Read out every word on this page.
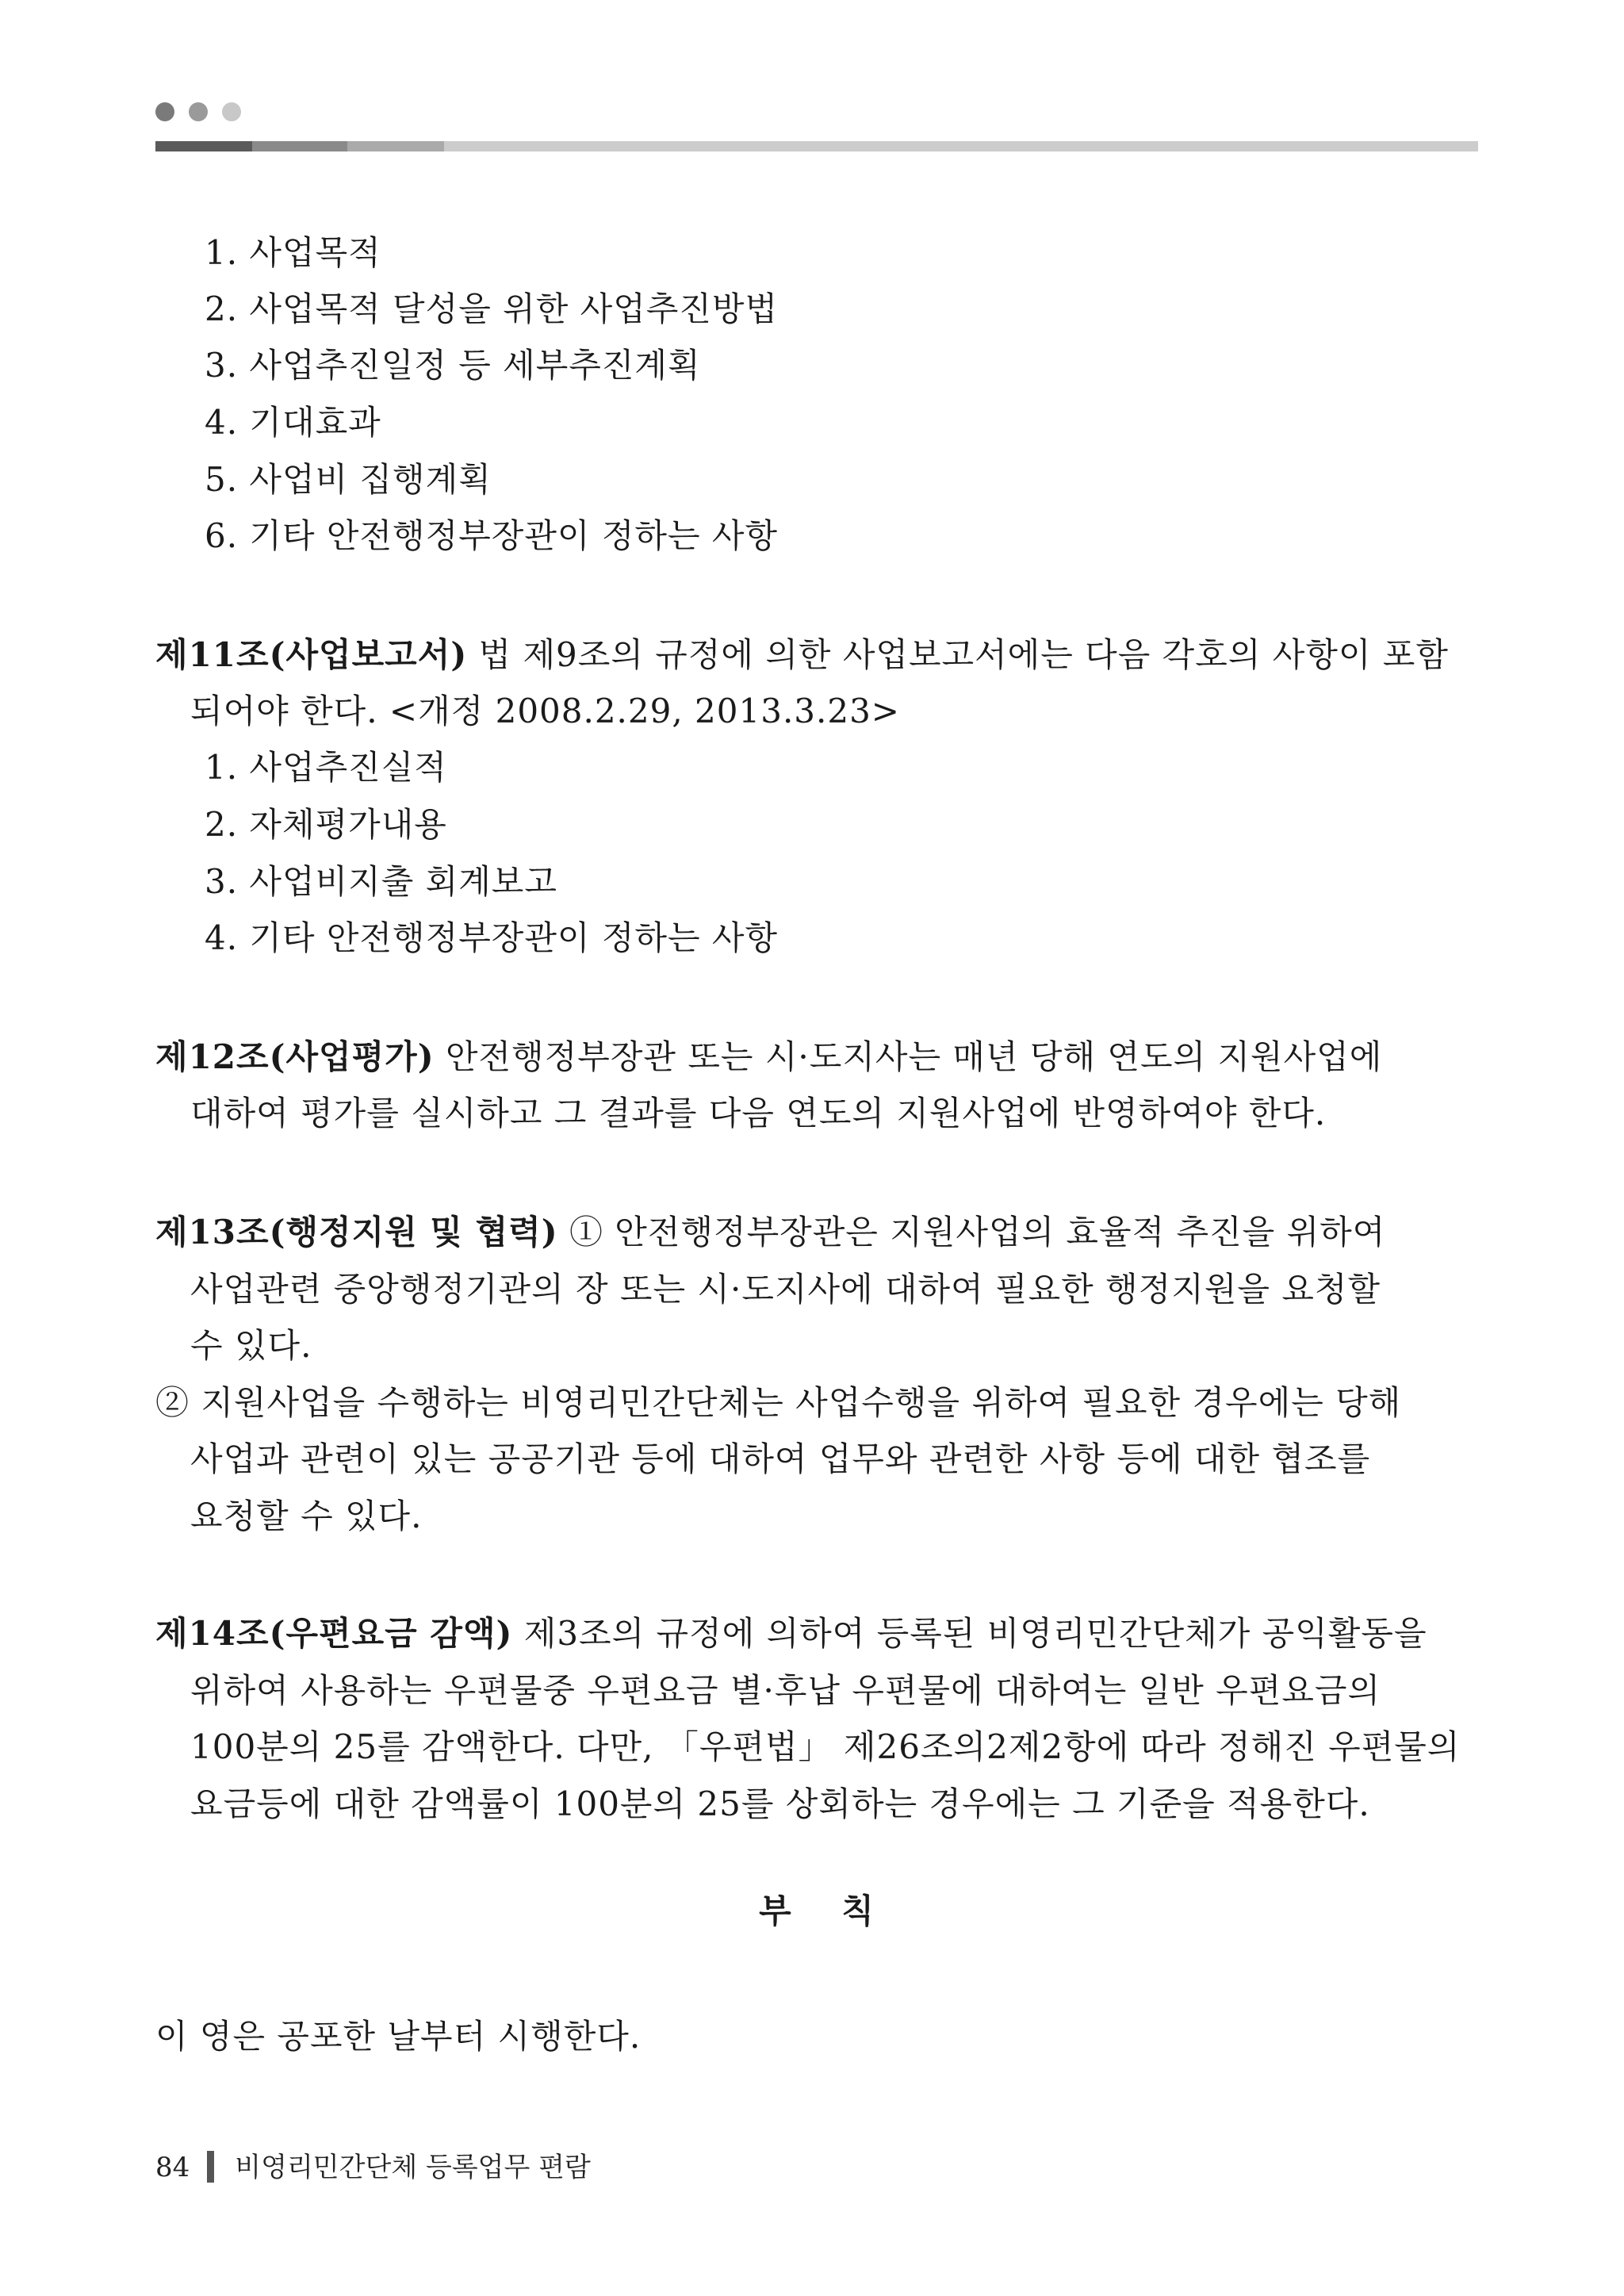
1. 사업목적
2. 사업목적 달성을 위한 사업추진방법
3. 사업추진일정 등 세부추진계획
4. 기대효과
5. 사업비 집행계획
6. 기타 안전행정부장관이 정하는 사항
제11조(사업보고서) 법 제9조의 규정에 의한 사업보고서에는 다음 각호의 사항이 포함
되어야 한다. <개정 2008.2.29, 2013.3.23>
1. 사업추진실적
2. 자체평가내용
3. 사업비지출 회계보고
4. 기타 안전행정부장관이 정하는 사항
제12조(사업평가) 안전행정부장관 또는 시·도지사는 매년 당해 연도의 지원사업에
대하여 평가를 실시하고 그 결과를 다음 연도의 지원사업에 반영하여야 한다.
제13조(행정지원 및 협력) ① 안전행정부장관은 지원사업의 효율적 추진을 위하여
사업관련 중앙행정기관의 장 또는 시·도지사에 대하여 필요한 행정지원을 요청할
수 있다.
② 지원사업을 수행하는 비영리민간단체는 사업수행을 위하여 필요한 경우에는 당해
사업과 관련이 있는 공공기관 등에 대하여 업무와 관련한 사항 등에 대한 협조를
요청할 수 있다.
제14조(우편요금 감액) 제3조의 규정에 의하여 등록된 비영리민간단체가 공익활동을
위하여 사용하는 우편물중 우편요금 별·후납 우편물에 대하여는 일반 우편요금의
100분의 25를 감액한다. 다만, 「우편법」 제26조의2제2항에 따라 정해진 우편물의
요금등에 대한 감액률이 100분의 25를 상회하는 경우에는 그 기준을 적용한다.
부    칙
이 영은 공포한 날부터 시행한다.
84 비영리민간단체 등록업무 편람
